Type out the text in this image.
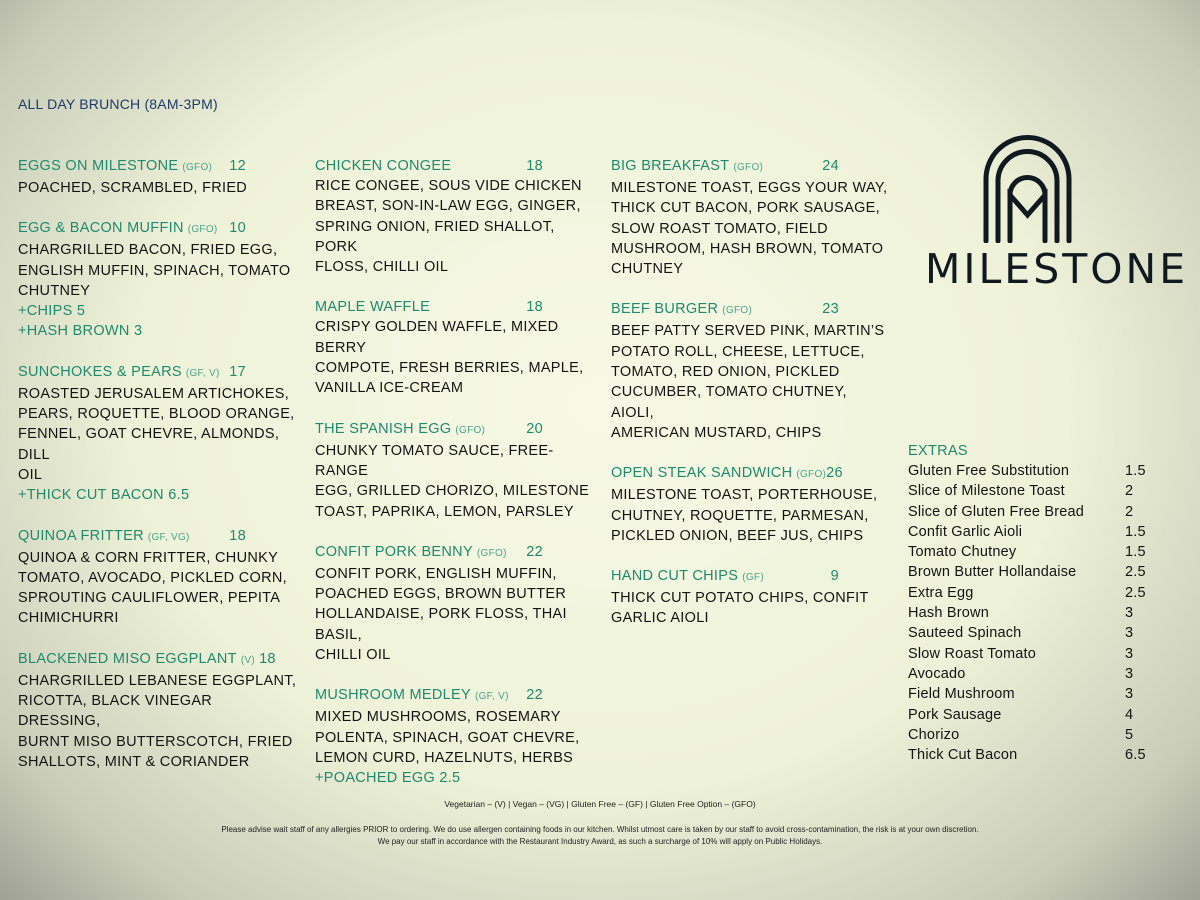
ALL DAY BRUNCH (8AM-3PM)
EGGS ON MILESTONE (GFO) 12
POACHED, SCRAMBLED, FRIED
EGG & BACON MUFFIN (GFO) 10
CHARGRILLED BACON, FRIED EGG,
ENGLISH MUFFIN, SPINACH, TOMATO
CHUTNEY
+CHIPS 5
+HASH BROWN 3
SUNCHOKES & PEARS (GF, V) 17
ROASTED JERUSALEM ARTICHOKES,
PEARS, ROQUETTE, BLOOD ORANGE,
FENNEL, GOAT CHEVRE, ALMONDS, DILL
OIL
+THICK CUT BACON 6.5
QUINOA FRITTER (GF, VG)	18
QUINOA & CORN FRITTER, CHUNKY
TOMATO, AVOCADO, PICKLED CORN,
SPROUTING CAULIFLOWER, PEPITA
CHIMICHURRI
BLACKENED MISO EGGPLANT (V) 18
CHARGRILLED LEBANESE EGGPLANT,
RICOTTA, BLACK VINEGAR DRESSING,
BURNT MISO BUTTERSCOTCH, FRIED
SHALLOTS, MINT & CORIANDER
CHICKEN CONGEE	18
RICE CONGEE, SOUS VIDE CHICKEN
BREAST, SON-IN-LAW EGG, GINGER,
SPRING ONION, FRIED SHALLOT, PORK
FLOSS, CHILLI OIL
MAPLE WAFFLE	18
CRISPY GOLDEN WAFFLE, MIXED BERRY
COMPOTE, FRESH BERRIES, MAPLE,
VANILLA ICE-CREAM
THE SPANISH EGG (GFO)	20
CHUNKY TOMATO SAUCE, FREE-RANGE
EGG, GRILLED CHORIZO, MILESTONE
TOAST, PAPRIKA, LEMON, PARSLEY
CONFIT PORK BENNY (GFO) 22
CONFIT PORK, ENGLISH MUFFIN,
POACHED EGGS, BROWN BUTTER
HOLLANDAISE, PORK FLOSS, THAI BASIL,
CHILLI OIL
MUSHROOM MEDLEY (GF, V) 22
MIXED MUSHROOMS, ROSEMARY
POLENTA, SPINACH, GOAT CHEVRE,
LEMON CURD, HAZELNUTS, HERBS
+POACHED EGG 2.5
BIG BREAKFAST (GFO)	24
MILESTONE TOAST, EGGS YOUR WAY,
THICK CUT BACON, PORK SAUSAGE,
SLOW ROAST TOMATO, FIELD
MUSHROOM, HASH BROWN, TOMATO
CHUTNEY
BEEF BURGER (GFO)	23
BEEF PATTY SERVED PINK, MARTIN’S
POTATO ROLL, CHEESE, LETTUCE,
TOMATO, RED ONION, PICKLED
CUCUMBER, TOMATO CHUTNEY, AIOLI,
AMERICAN MUSTARD, CHIPS
OPEN STEAK SANDWICH (GFO) 26
MILESTONE TOAST, PORTERHOUSE,
CHUTNEY, ROQUETTE, PARMESAN,
PICKLED ONION, BEEF JUS, CHIPS
HAND CUT CHIPS (GF)	9
THICK CUT POTATO CHIPS, CONFIT
GARLIC AIOLI
MILESTONE
EXTRAS
Gluten Free Substitution	1.5
Slice of Milestone Toast	2
Slice of Gluten Free Bread	2
Confit Garlic Aioli	1.5
Tomato Chutney	1.5
Brown Butter Hollandaise	2.5
Extra Egg	2.5
Hash Brown	3
Sauteed Spinach	3
Slow Roast Tomato	3
Avocado	3
Field Mushroom	3
Pork Sausage	4
Chorizo	5
Thick Cut Bacon	6.5
Vegetarian – (V) | Vegan – (VG) | Gluten Free – (GF) | Gluten Free Option – (GFO)
Please advise wait staff of any allergies PRIOR to ordering. We do use allergen containing foods in our kitchen. Whilst utmost care is taken by our staff to avoid cross-contamination, the risk is at your own discretion.
We pay our staff in accordance with the Restaurant Industry Award, as such a surcharge of 10% will apply on Public Holidays.
